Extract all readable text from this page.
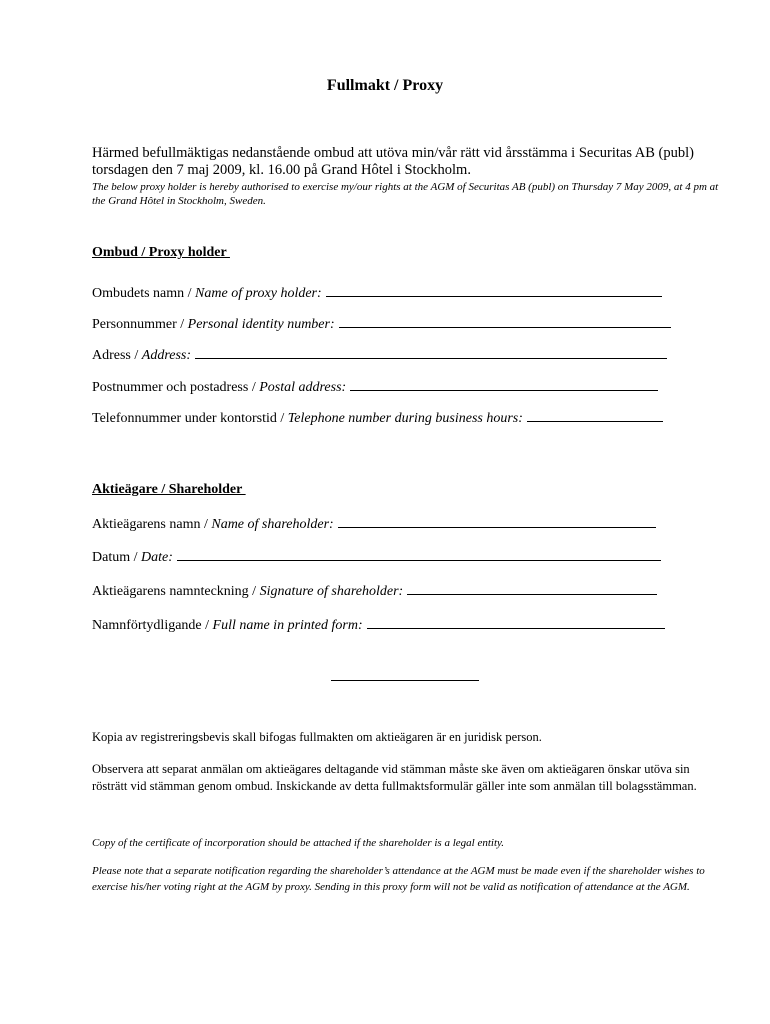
Fullmakt / Proxy

Härmed befullmäktigas nedanstående ombud att utöva min/vår rätt vid årsstämma i Securitas AB (publ) torsdagen den 7 maj 2009, kl. 16.00 på Grand Hôtel i Stockholm.

The below proxy holder is hereby authorised to exercise my/our rights at the AGM of Securitas AB (publ) on Thursday 7 May 2009, at 4 pm at the Grand Hôtel in Stockholm, Sweden.

Ombud / Proxy holder

Ombudets namn / Name of proxy holder:

Personnummer / Personal identity number:

Adress / Address:

Postnummer och postadress / Postal address:

Telefonnummer under kontorstid / Telephone number during business hours:

Aktieägare / Shareholder

Aktieägarens namn / Name of shareholder:

Datum / Date:

Aktieägarens namnteckning / Signature of shareholder:

Namnförtydligande / Full name in printed form:

Kopia av registreringsbevis skall bifogas fullmakten om aktieägaren är en juridisk person.

Observera att separat anmälan om aktieägares deltagande vid stämman måste ske även om aktieägaren önskar utöva sin rösträtt vid stämman genom ombud. Inskickande av detta fullmaktsformulär gäller inte som anmälan till bolagsstämman.

Copy of the certificate of incorporation should be attached if the shareholder is a legal entity.

Please note that a separate notification regarding the shareholder’s attendance at the AGM must be made even if the shareholder wishes to exercise his/her voting right at the AGM by proxy. Sending in this proxy form will not be valid as notification of attendance at the AGM.
